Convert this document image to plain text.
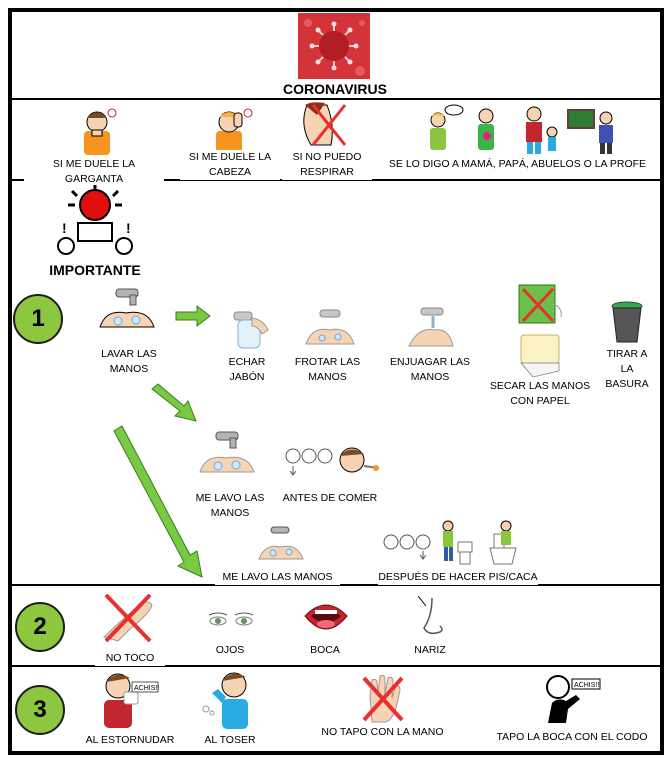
CORONAVIRUS
SI ME DUELE LA GARGANTA
SI ME DUELE LA
CABEZA
SI NO PUEDO
RESPIRAR
SE LO DIGO A MAMÁ, PAPÁ, ABUELOS O LA PROFE
!	!
IMPORTANTE
1
LAVAR LAS
MANOS
ECHAR
JABÓN
FROTAR LAS
MANOS
ENJUAGAR LAS
MANOS
SECAR LAS MANOS
CON PAPEL
TIRAR A
LA
BASURA
ME LAVO LAS
MANOS
ANTES DE COMER
ME LAVO LAS MANOS	DESPUÉS DE HACER PIS/CACA
2
NO TOCO
OJOS	BOCA	NARIZ
3
ACHIS!!
AL ESTORNUDAR	AL TOSER
NO TAPO CON LA MANO
ACHIS!!
TAPO LA BOCA CON EL CODO
